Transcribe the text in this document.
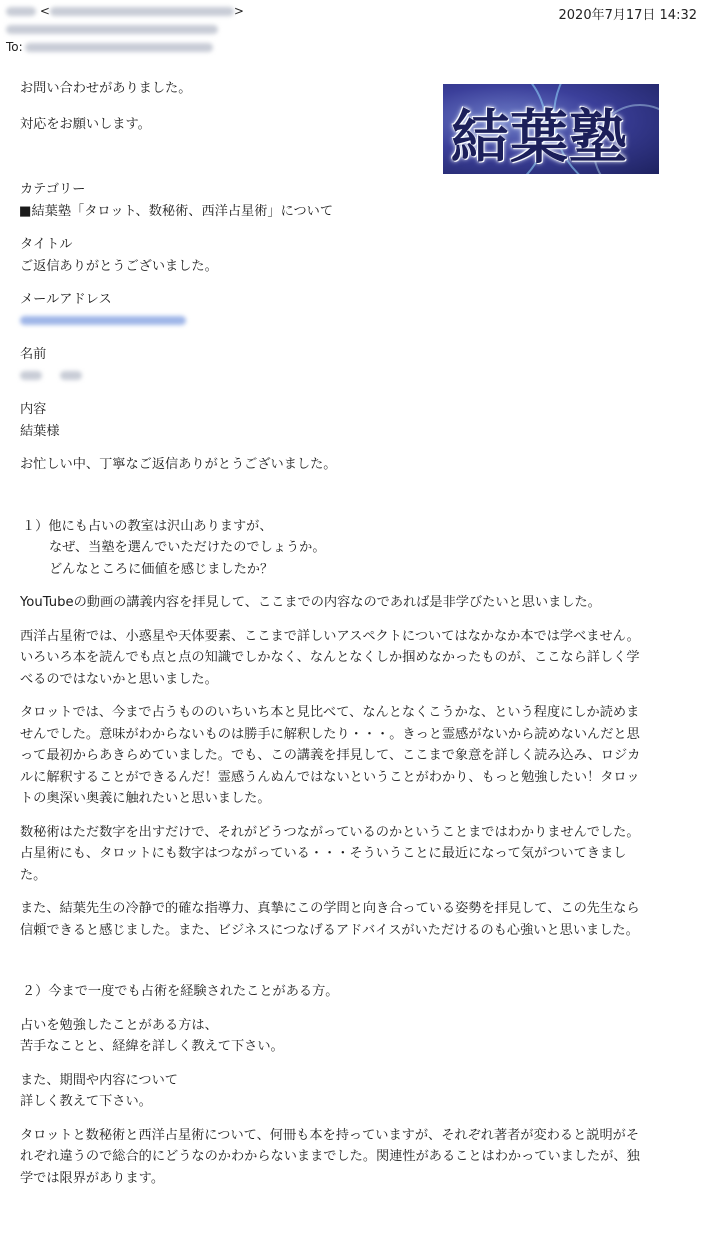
<	>
To:
2020年7月17日 14:32
結葉塾

お問い合わせがありました。

対応をお願いします。

カテゴリー

■結葉塾「タロット、数秘術、西洋占星術」について

タイトル

ご返信ありがとうございました。

メールアドレス

名前

内容

結葉様

お忙しい中、丁寧なご返信ありがとうございました。

１）他にも占いの教室は沢山ありますが、

なぜ、当塾を選んでいただけたのでしょうか。

どんなところに価値を感じましたか？

YouTubeの動画の講義内容を拝見して、ここまでの内容なのであれば是非学びたいと思いました。

西洋占星術では、小惑星や天体要素、ここまで詳しいアスペクトについてはなかなか本では学べません。

いろいろ本を読んでも点と点の知識でしかなく、なんとなくしか掴めなかったものが、ここなら詳しく学

べるのではないかと思いました。

タロットでは、今まで占うもののいちいち本と見比べて、なんとなくこうかな、という程度にしか読めま

せんでした。意味がわからないものは勝手に解釈したり・・・。きっと霊感がないから読めないんだと思

って最初からあきらめていました。でも、この講義を拝見して、ここまで象意を詳しく読み込み、ロジカ

ルに解釈することができるんだ！霊感うんぬんではないということがわかり、もっと勉強したい！タロッ

トの奥深い奥義に触れたいと思いました。

数秘術はただ数字を出すだけで、それがどうつながっているのかということまではわかりませんでした。

占星術にも、タロットにも数字はつながっている・・・そういうことに最近になって気がついてきまし

た。

また、結葉先生の冷静で的確な指導力、真摯にこの学問と向き合っている姿勢を拝見して、この先生なら

信頼できると感じました。また、ビジネスにつなげるアドバイスがいただけるのも心強いと思いました。

２）今まで一度でも占術を経験されたことがある方。

占いを勉強したことがある方は、

苦手なことと、経緯を詳しく教えて下さい。

また、期間や内容について

詳しく教えて下さい。

タロットと数秘術と西洋占星術について、何冊も本を持っていますが、それぞれ著者が変わると説明がそ

れぞれ違うので総合的にどうなのかわからないままでした。関連性があることはわかっていましたが、独

学では限界があります。
